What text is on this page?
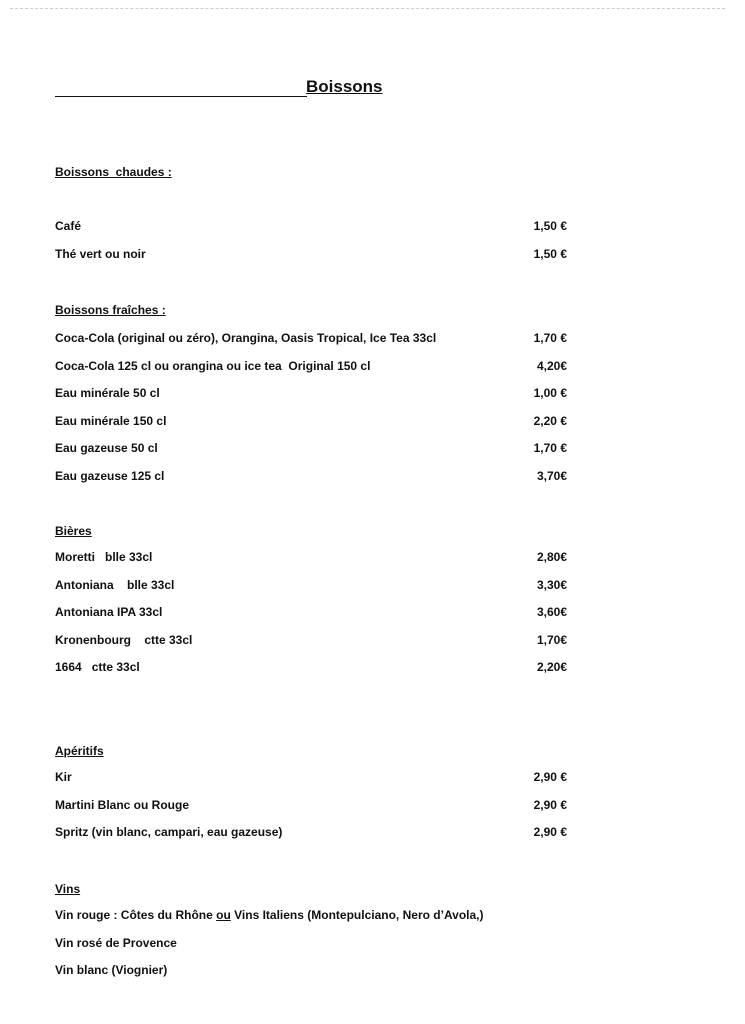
Boissons
Boissons  chaudes :
Café	1,50 €
Thé vert ou noir	1,50 €
Boissons fraîches :
Coca-Cola (original ou zéro), Orangina, Oasis Tropical, Ice Tea 33cl	1,70 €
Coca-Cola 125 cl ou orangina ou ice tea  Original 150 cl	4,20€
Eau minérale 50 cl	1,00 €
Eau minérale 150 cl	2,20 €
Eau gazeuse 50 cl	1,70 €
Eau gazeuse 125 cl	3,70€
Bières
Moretti   blle 33cl	2,80€
Antoniana    blle 33cl	3,30€
Antoniana IPA 33cl	3,60€
Kronenbourg    ctte 33cl	1,70€
1664   ctte 33cl	2,20€
Apéritifs
Kir	2,90 €
Martini Blanc ou Rouge	2,90 €
Spritz (vin blanc, campari, eau gazeuse)	2,90 €
Vins
Vin rouge : Côtes du Rhône ou Vins Italiens (Montepulciano, Nero d’Avola,)
Vin rosé de Provence
Vin blanc (Viognier)
